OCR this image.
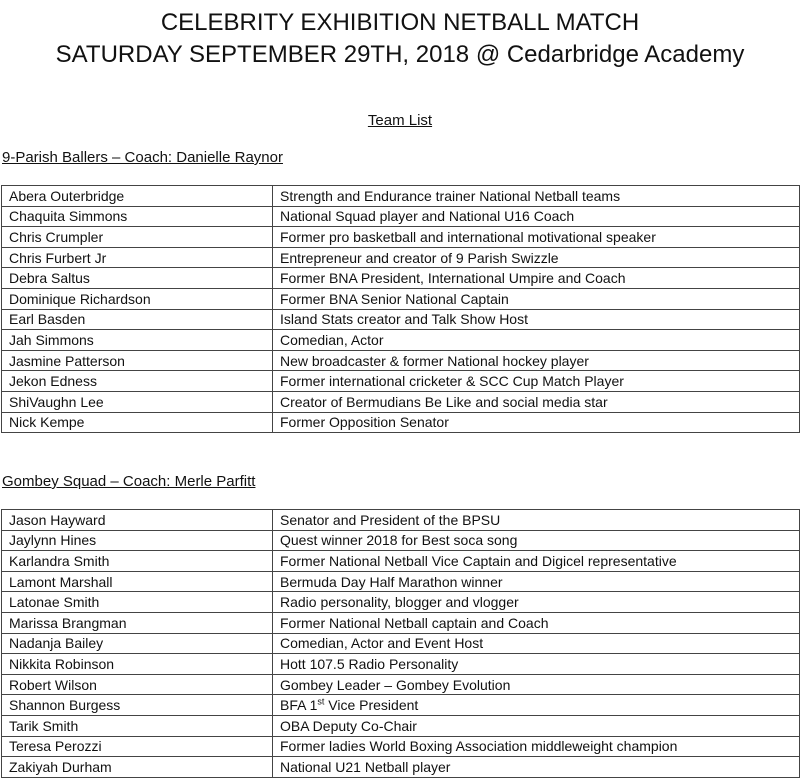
CELEBRITY EXHIBITION NETBALL MATCH
SATURDAY SEPTEMBER 29TH, 2018 @ Cedarbridge Academy
Team List
9-Parish Ballers – Coach: Danielle Raynor
Abera Outerbridge	Strength and Endurance trainer National Netball teams
Chaquita Simmons	National Squad player and National U16 Coach
Chris Crumpler	Former pro basketball and international motivational speaker
Chris Furbert Jr	Entrepreneur and creator of 9 Parish Swizzle
Debra Saltus	Former BNA President, International Umpire and Coach
Dominique Richardson	Former BNA Senior National Captain
Earl Basden	Island Stats creator and Talk Show Host
Jah Simmons	Comedian, Actor
Jasmine Patterson	New broadcaster & former National hockey player
Jekon Edness	Former international cricketer & SCC Cup Match Player
ShiVaughn Lee	Creator of Bermudians Be Like and social media star
Nick Kempe	Former Opposition Senator
Gombey Squad – Coach: Merle Parfitt
Jason Hayward	Senator and President of the BPSU
Jaylynn Hines	Quest winner 2018 for Best soca song
Karlandra Smith	Former National Netball Vice Captain and Digicel representative
Lamont Marshall	Bermuda Day Half Marathon winner
Latonae Smith	Radio personality, blogger and vlogger
Marissa Brangman	Former National Netball captain and Coach
Nadanja Bailey	Comedian, Actor and Event Host
Nikkita Robinson	Hott 107.5 Radio Personality
Robert Wilson	Gombey Leader – Gombey Evolution
Shannon Burgess	BFA 1st Vice President
Tarik Smith	OBA Deputy Co-Chair
Teresa Perozzi	Former ladies World Boxing Association middleweight champion
Zakiyah Durham	National U21 Netball player
